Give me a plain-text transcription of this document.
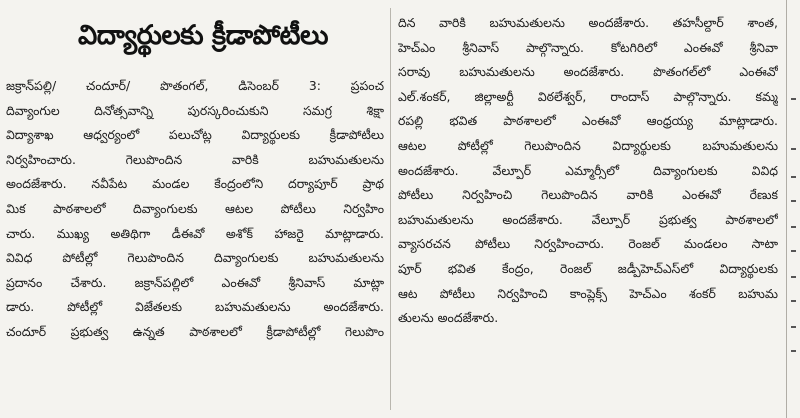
విద్యార్థులకు క్రీడాపోటీలు
జక్రాన్‌పల్లి/ చందూర్‌/ పొతంగల్‌, డిసెంబర్‌ 3: ప్రపంచ
దివ్యాంగుల దినోత్సవాన్ని పురస్కరించుకుని సమగ్ర శిక్షా
విద్యాశాఖ ఆధ్వర్యంలో పలుచోట్ల విద్యార్థులకు క్రీడాపోటీలు
నిర్వహించారు. గెలుపొందిన వారికి బహుమతులను
అందజేశారు. నవీపేట మండల కేంద్రంలోని దర్యాపూర్‌ ప్రాథ
మిక పాఠశాలలో దివ్యాంగులకు ఆటల పోటీలు నిర్వహిం
చారు. ముఖ్య అతిథిగా డీఈవో అశోక్‌ హాజరై మాట్లాడారు.
వివిధ పోటీల్లో గెలుపొందిన దివ్యాంగులకు బహుమతులను
ప్రదానం చేశారు. జక్రాన్‌పల్లిలో ఎంఈవో శ్రీనివాస్‌ మాట్లా
డారు. పోటీల్లో విజేతలకు బహుమతులను అందజేశారు.
చందూర్‌ ప్రభుత్వ ఉన్నత పాఠశాలలో క్రీడాపోటీల్లో గెలుపొం
దిన వారికి బహుమతులను అందజేశారు. తహసీల్దార్‌ శాంత,
హెచ్‌ఎం శ్రీనివాస్‌ పాల్గొన్నారు. కోటగిరిలో ఎంఈవో శ్రీనివా
సరావు బహుమతులను అందజేశారు. పొతంగల్‌లో ఎంఈవో
ఎల్‌.శంకర్‌, జిల్లాఅర్టీ విఠలేశ్వర్‌, రాందాస్‌ పాల్గొన్నారు. కమ్మ
రపల్లి భవిత పాఠశాలలో ఎంఈవో ఆంధ్రయ్య మాట్లాడారు.
ఆటల పోటీల్లో గెలుపొందిన విద్యార్థులకు బహుమతులను
అందజేశారు. వేల్పూర్‌ ఎమ్మార్సీలో దివ్యాంగులకు వివిధ
పోటీలు నిర్వహించి గెలుపొందిన వారికి ఎంఈవో రేణుక
బహుమతులను అందజేశారు. వేల్పూర్‌ ప్రభుత్వ పాఠశాలలో
వ్యాసరచన పోటీలు నిర్వహించారు. రెంజల్‌ మండలం సాటా
పూర్‌ భవిత కేంద్రం, రెంజల్‌ జడ్పీహెచ్‌ఎస్‌లో విద్యార్థులకు
ఆట పోటీలు నిర్వహించి కాంప్లెక్స్‌ హెచ్‌ఎం శంకర్‌ బహుమ
తులను అందజేశారు.
